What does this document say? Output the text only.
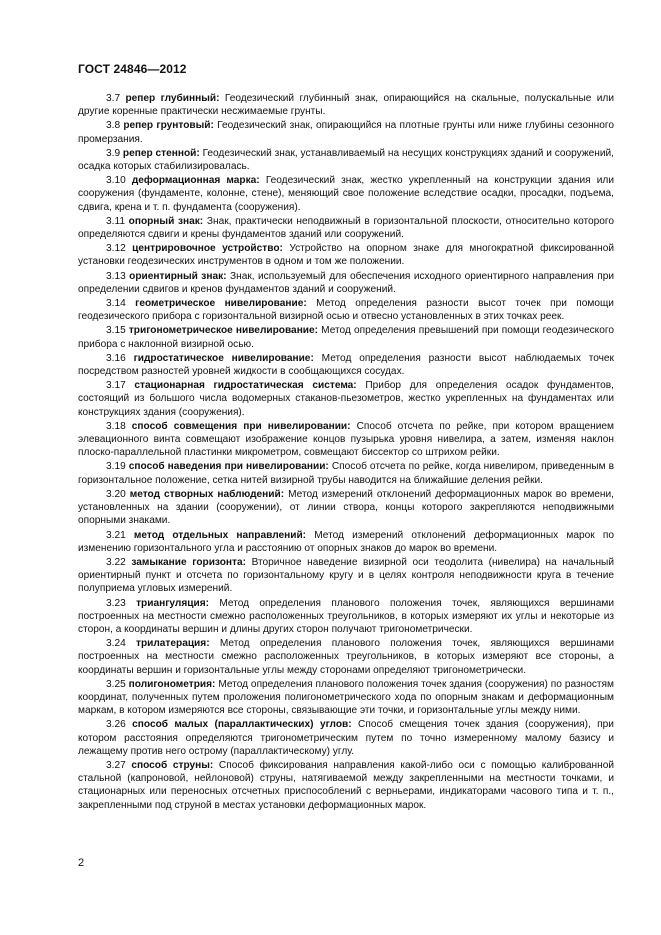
ГОСТ 24846—2012

3.7 репер глубинный: Геодезический глубинный знак, опирающийся на скальные, полускальные или другие коренные практически несжимаемые грунты.

3.8 репер грунтовый: Геодезический знак, опирающийся на плотные грунты или ниже глубины сезонного промерзания.

3.9 репер стенной: Геодезический знак, устанавливаемый на несущих конструкциях зданий и сооружений, осадка которых стабилизировалась.

3.10 деформационная марка: Геодезический знак, жестко укрепленный на конструкции здания или сооружения (фундаменте, колонне, стене), меняющий свое положение вследствие осадки, просадки, подъема, сдвига, крена и т. п. фундамента (сооружения).

3.11 опорный знак: Знак, практически неподвижный в горизонтальной плоскости, относительно которого определяются сдвиги и крены фундаментов зданий или сооружений.

3.12 центрировочное устройство: Устройство на опорном знаке для многократной фиксированной установки геодезических инструментов в одном и том же положении.

3.13 ориентирный знак: Знак, используемый для обеспечения исходного ориентирного направления при определении сдвигов и кренов фундаментов зданий и сооружений.

3.14 геометрическое нивелирование: Метод определения разности высот точек при помощи геодезического прибора с горизонтальной визирной осью и отвесно установленных в этих точках реек.

3.15 тригонометрическое нивелирование: Метод определения превышений при помощи геодезического прибора с наклонной визирной осью.

3.16 гидростатическое нивелирование: Метод определения разности высот наблюдаемых точек посредством разностей уровней жидкости в сообщающихся сосудах.

3.17 стационарная гидростатическая система: Прибор для определения осадок фундаментов, состоящий из большого числа водомерных стаканов-пьезометров, жестко укрепленных на фундаментах или конструкциях здания (сооружения).

3.18 способ совмещения при нивелировании: Способ отсчета по рейке, при котором вращением элевационного винта совмещают изображение концов пузырька уровня нивелира, а затем, изменяя наклон плоско-параллельной пластинки микрометром, совмещают биссектор со штрихом рейки.

3.19 способ наведения при нивелировании: Способ отсчета по рейке, когда нивелиром, приведенным в горизонтальное положение, сетка нитей визирной трубы наводится на ближайшие деления рейки.

3.20 метод створных наблюдений: Метод измерений отклонений деформационных марок во времени, установленных на здании (сооружении), от линии створа, концы которого закрепляются неподвижными опорными знаками.

3.21 метод отдельных направлений: Метод измерений отклонений деформационных марок по изменению горизонтального угла и расстоянию от опорных знаков до марок во времени.

3.22 замыкание горизонта: Вторичное наведение визирной оси теодолита (нивелира) на начальный ориентирный пункт и отсчета по горизонтальному кругу и в целях контроля неподвижности круга в течение полуприема угловых измерений.

3.23 триангуляция: Метод определения планового положения точек, являющихся вершинами построенных на местности смежно расположенных треугольников, в которых измеряют их углы и некоторые из сторон, а координаты вершин и длины других сторон получают тригонометрически.

3.24 трилатерация: Метод определения планового положения точек, являющихся вершинами построенных на местности смежно расположенных треугольников, в которых измеряют все стороны, а координаты вершин и горизонтальные углы между сторонами определяют тригонометрически.

3.25 полигонометрия: Метод определения планового положения точек здания (сооружения) по разностям координат, полученных путем проложения полигонометрического хода по опорным знакам и деформационным маркам, в котором измеряются все стороны, связывающие эти точки, и горизонтальные углы между ними.

3.26 способ малых (параллактических) углов: Способ смещения точек здания (сооружения), при котором расстояния определяются тригонометрическим путем по точно измеренному малому базису и лежащему против него острому (параллактическому) углу.

3.27 способ струны: Способ фиксирования направления какой-либо оси с помощью калиброванной стальной (капроновой, нейлоновой) струны, натягиваемой между закрепленными на местности точками, и стационарных или переносных отсчетных приспособлений с верньерами, индикаторами часового типа и т. п., закрепленными под струной в местах установки деформационных марок.

2
